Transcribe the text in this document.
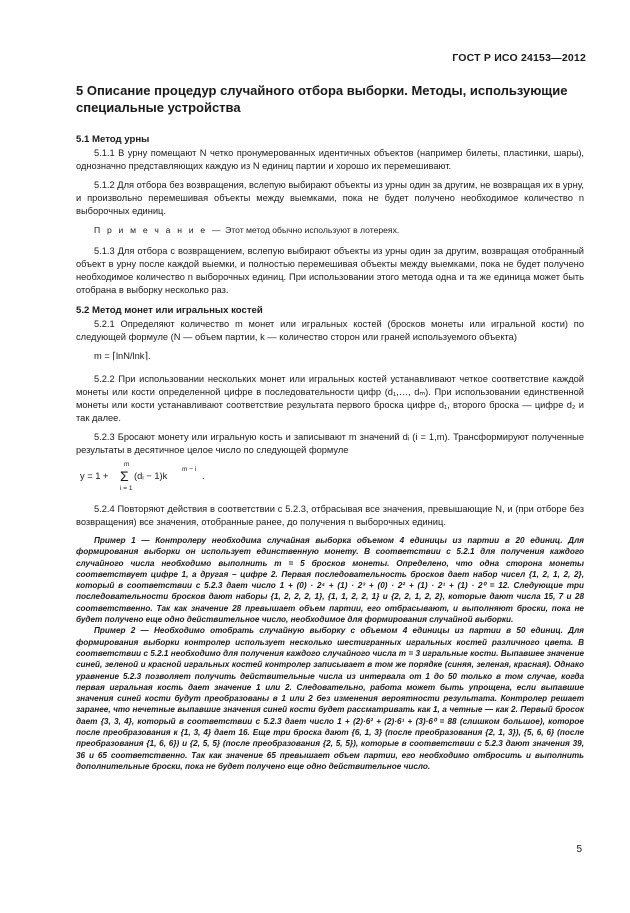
ГОСТ Р ИСО 24153—2012
5 Описание процедур случайного отбора выборки. Методы, использующие специальные устройства
5.1 Метод урны

5.1.1 В урну помещают N четко пронумерованных идентичных объектов (например билеты, пластинки, шары), однозначно представляющих каждую из N единиц партии и хорошо их перемешивают.

5.1.2 Для отбора без возвращения, вслепую выбирают объекты из урны один за другим, не возвращая их в урну, и произвольно перемешивая объекты между выемками, пока не будет получено необходимое количество n выборочных единиц.

П р и м е ч а н и е — Этот метод обычно используют в лотереях.

5.1.3 Для отбора с возвращением, вслепую выбирают объекты из урны один за другим, возвращая отобранный объект в урну после каждой выемки, и полностью перемешивая объекты между выемками, пока не будет получено необходимое количество n выборочных единиц. При использовании этого метода одна и та же единица может быть отобрана в выборку несколько раз.

5.2 Метод монет или игральных костей

5.2.1 Определяют количество m монет или игральных костей (бросков монеты или игральной кости) по следующей формуле (N — объем партии, k — количество сторон или граней используемого объекта)

m = ⌈lnN/lnk⌉.

5.2.2 При использовании нескольких монет или игральных костей устанавливают четкое соответствие каждой монеты или кости определенной цифре в последовательности цифр (d₁,…, dₘ). При использовании единственной монеты или кости устанавливают соответствие результата первого броска цифре d₁, второго броска — цифре d₂ и так далее.

5.2.3 Бросают монету или игральную кость и записывают m значений dᵢ (i = 1,m). Трансформируют полученные результаты в десятичное целое число по следующей формуле

y = 1 +
m
Σ
i = 1
(dᵢ − 1)k
m − i
.

5.2.4 Повторяют действия в соответствии с 5.2.3, отбрасывая все значения, превышающие N, и (при отборе без возвращения) все значения, отобранные ранее, до получения n выборочных единиц.

Пример 1 — Контролеру необходима случайная выборка объемом 4 единицы из партии в 20 единиц. Для формирования выборки он использует единственную монету. В соответствии с 5.2.1 для получения каждого случайного числа необходимо выполнить m = 5 бросков монеты. Определено, что одна сторона монеты соответствует цифре 1, а другая – цифре 2. Первая последовательность бросков дает набор чисел {1, 2, 1, 2, 2}, который в соответствии с 5.2.3 дает число 1 + (0) · 2⁴ + (1) · 2³ + (0) · 2² + (1) · 2¹ + (1) · 2⁰ = 12. Следующие три последовательности бросков дают наборы {1, 2, 2, 2, 1}, {1, 1, 2, 2, 1} и {2, 2, 1, 2, 2}, которые дают числа 15, 7 и 28 соответственно. Так как значение 28 превышает объем партии, его отбрасывают, и выполняют броски, пока не будет получено еще одно действительное число, необходимое для формирования случайной выборки.

Пример 2 — Необходимо отобрать случайную выборку с объемом 4 единицы из партии в 50 единиц. Для формирования выборки контролер использует несколько шестигранных игральных костей различного цвета. В соответствии с 5.2.1 необходимо для получения каждого случайного числа m = 3 игральные кости. Выпавшее значение синей, зеленой и красной игральных костей контролер записывает в том же порядке (синяя, зеленая, красная). Однако уравнение 5.2.3 позволяет получить действительные числа из интервала от 1 до 50 только в том случае, когда первая игральная кость дает значение 1 или 2. Следовательно, работа может быть упрощена, если выпавшие значения синей кости будут преобразованы в 1 или 2 без изменения вероятности результата. Контролер решает заранее, что нечетные выпавшие значения синей кости будет рассматривать как 1, а четные — как 2. Первый бросок дает {3, 3, 4}, который в соответствии с 5.2.3 дает число 1 + (2)·6² + (2)·6¹ + (3)·6⁰ = 88 (слишком большое), которое после преобразования к {1, 3, 4} дает 16. Еще три броска дают {6, 1, 3} (после преобразования {2, 1, 3}), {5, 6, 6} (после преобразования {1, 6, 6}) и {2, 5, 5} (после преобразования {2, 5, 5}), которые в соответствии с 5.2.3 дают значения 39, 36 и 65 соответственно. Так как значение 65 превышает объем партии, его необходимо отбросить и выполнить дополнительные броски, пока не будет получено еще одно действительное число.

5
